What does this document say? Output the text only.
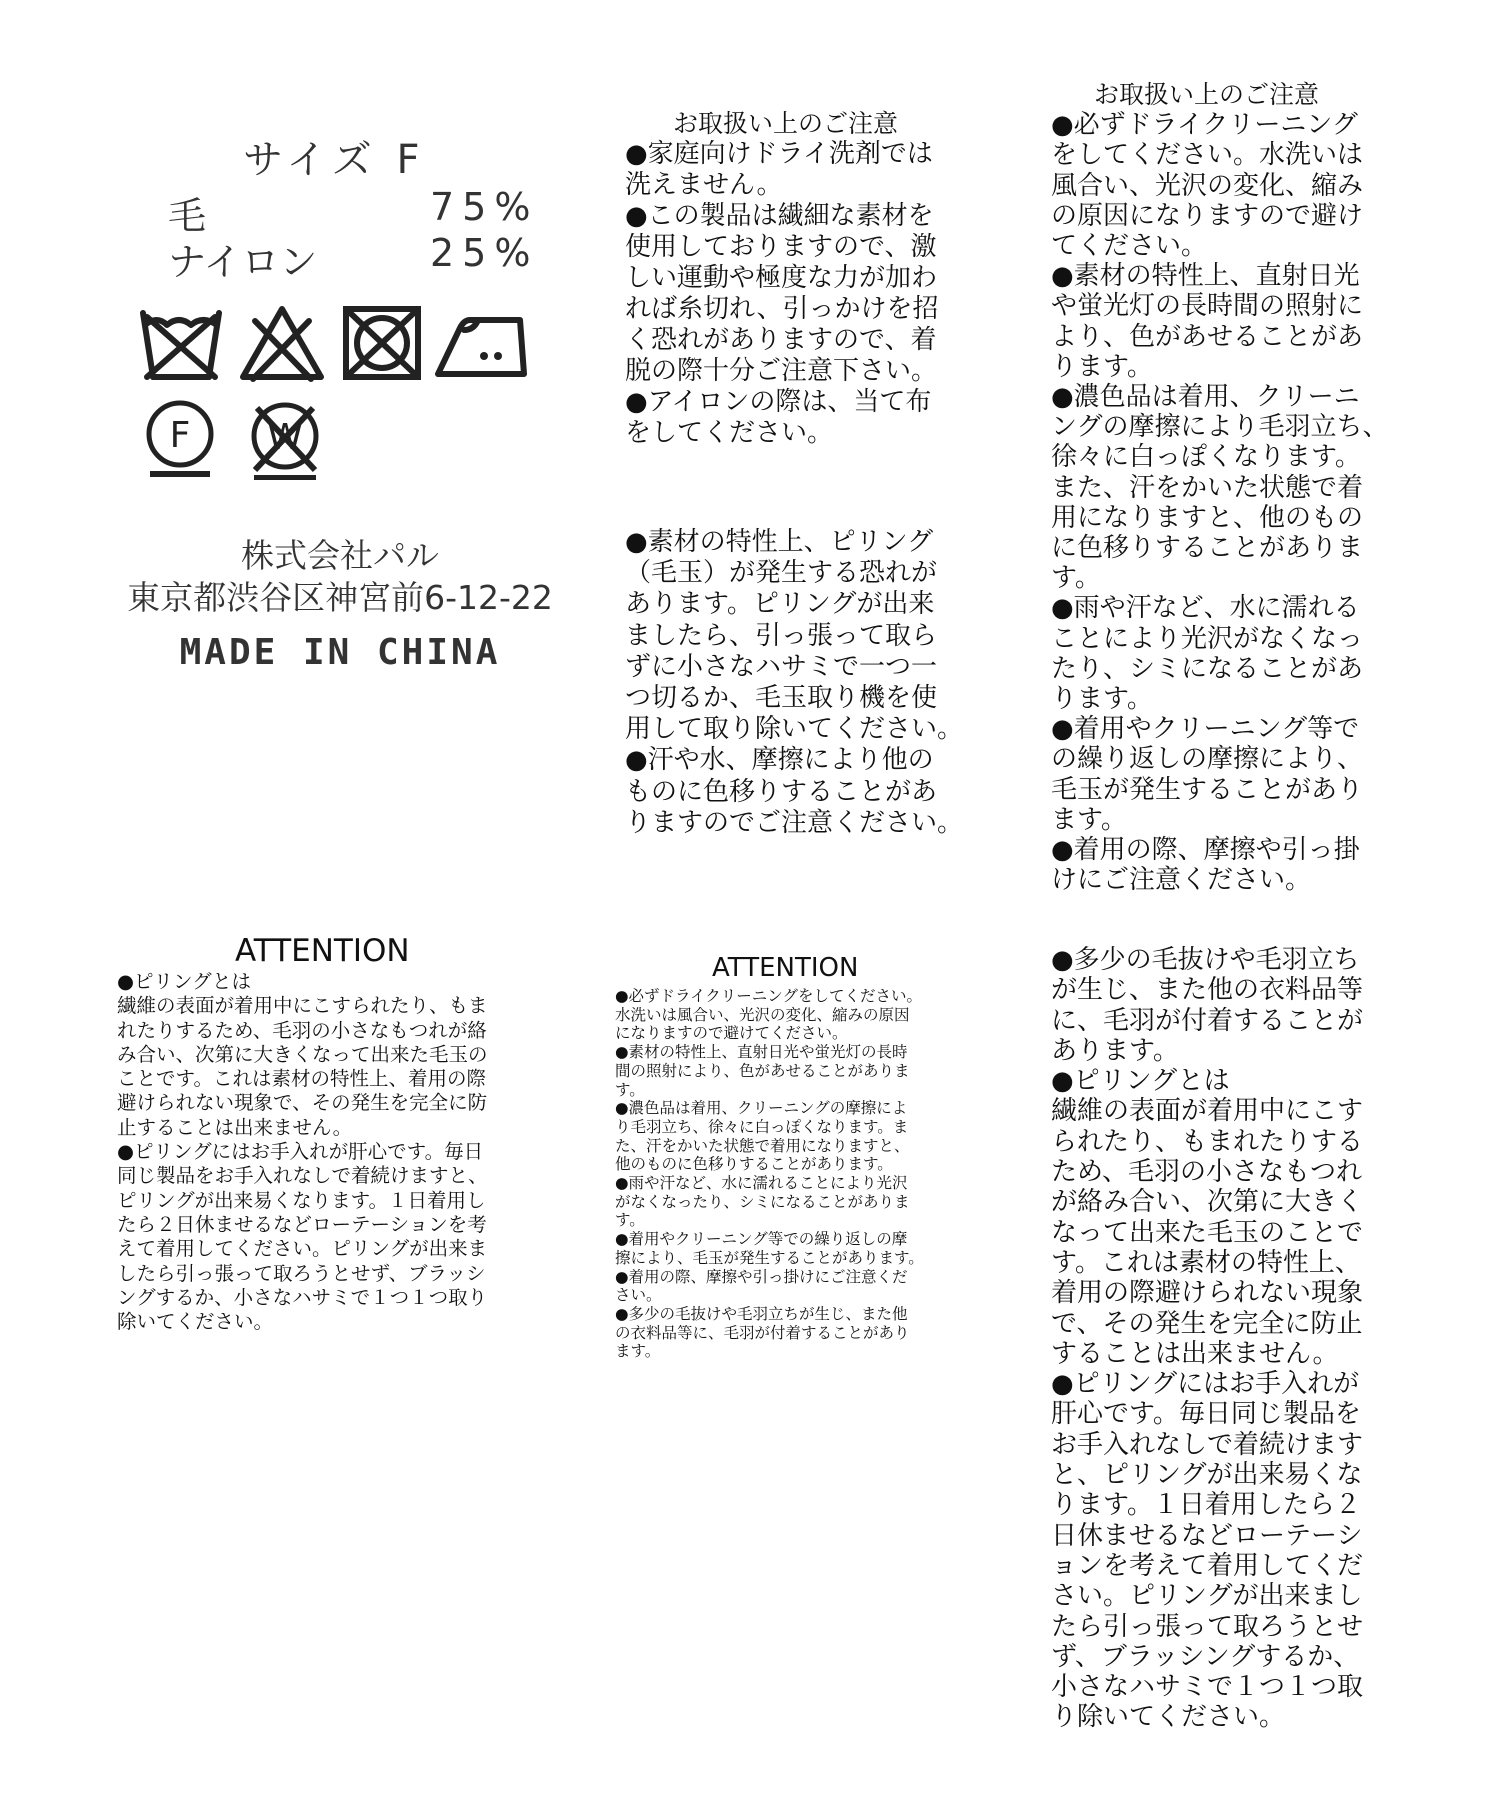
サイズ F
毛	75%
ナイロン	25%
F W
株式会社パル
東京都渋谷区神宮前6-12-22
MADE IN CHINA
お取扱い上のご注意
●家庭向けドライ洗剤では
洗えません。
●この製品は繊細な素材を
使用しておりますので、激
しい運動や極度な力が加わ
れば糸切れ、引っかけを招
く恐れがありますので、着
脱の際十分ご注意下さい。
●アイロンの際は、当て布
をしてください。
●素材の特性上、ピリング
（毛玉）が発生する恐れが
あります。ピリングが出来
ましたら、引っ張って取ら
ずに小さなハサミで一つ一
つ切るか、毛玉取り機を使
用して取り除いてください。
●汗や水、摩擦により他の
ものに色移りすることがあ
りますのでご注意ください。
お取扱い上のご注意
●必ずドライクリーニング
をしてください。水洗いは
風合い、光沢の変化、縮み
の原因になりますので避け
てください。
●素材の特性上、直射日光
や蛍光灯の長時間の照射に
より、色があせることがあ
ります。
●濃色品は着用、クリーニ
ングの摩擦により毛羽立ち、
徐々に白っぽくなります。
また、汗をかいた状態で着
用になりますと、他のもの
に色移りすることがありま
す。
●雨や汗など、水に濡れる
ことにより光沢がなくなっ
たり、シミになることがあ
ります。
●着用やクリーニング等で
の繰り返しの摩擦により、
毛玉が発生することがあり
ます。
●着用の際、摩擦や引っ掛
けにご注意ください。
ATTENTION
●ピリングとは
繊維の表面が着用中にこすられたり、もま
れたりするため、毛羽の小さなもつれが絡
み合い、次第に大きくなって出来た毛玉の
ことです。これは素材の特性上、着用の際
避けられない現象で、その発生を完全に防
止することは出来ません。
●ピリングにはお手入れが肝心です。毎日
同じ製品をお手入れなしで着続けますと、
ピリングが出来易くなります。１日着用し
たら２日休ませるなどローテーションを考
えて着用してください。ピリングが出来ま
したら引っ張って取ろうとせず、ブラッシ
ングするか、小さなハサミで１つ１つ取り
除いてください。
ATTENTION
●必ずドライクリーニングをしてください。
水洗いは風合い、光沢の変化、縮みの原因
になりますので避けてください。
●素材の特性上、直射日光や蛍光灯の長時
間の照射により、色があせることがありま
す。
●濃色品は着用、クリーニングの摩擦によ
り毛羽立ち、徐々に白っぽくなります。ま
た、汗をかいた状態で着用になりますと、
他のものに色移りすることがあります。
●雨や汗など、水に濡れることにより光沢
がなくなったり、シミになることがありま
す。
●着用やクリーニング等での繰り返しの摩
擦により、毛玉が発生することがあります。
●着用の際、摩擦や引っ掛けにご注意くだ
さい。
●多少の毛抜けや毛羽立ちが生じ、また他
の衣料品等に、毛羽が付着することがあり
ます。
●多少の毛抜けや毛羽立ち
が生じ、また他の衣料品等
に、毛羽が付着することが
あります。
●ピリングとは
繊維の表面が着用中にこす
られたり、もまれたりする
ため、毛羽の小さなもつれ
が絡み合い、次第に大きく
なって出来た毛玉のことで
す。これは素材の特性上、
着用の際避けられない現象
で、その発生を完全に防止
することは出来ません。
●ピリングにはお手入れが
肝心です。毎日同じ製品を
お手入れなしで着続けます
と、ピリングが出来易くな
ります。１日着用したら２
日休ませるなどローテーシ
ョンを考えて着用してくだ
さい。ピリングが出来まし
たら引っ張って取ろうとせ
ず、ブラッシングするか、
小さなハサミで１つ１つ取
り除いてください。
